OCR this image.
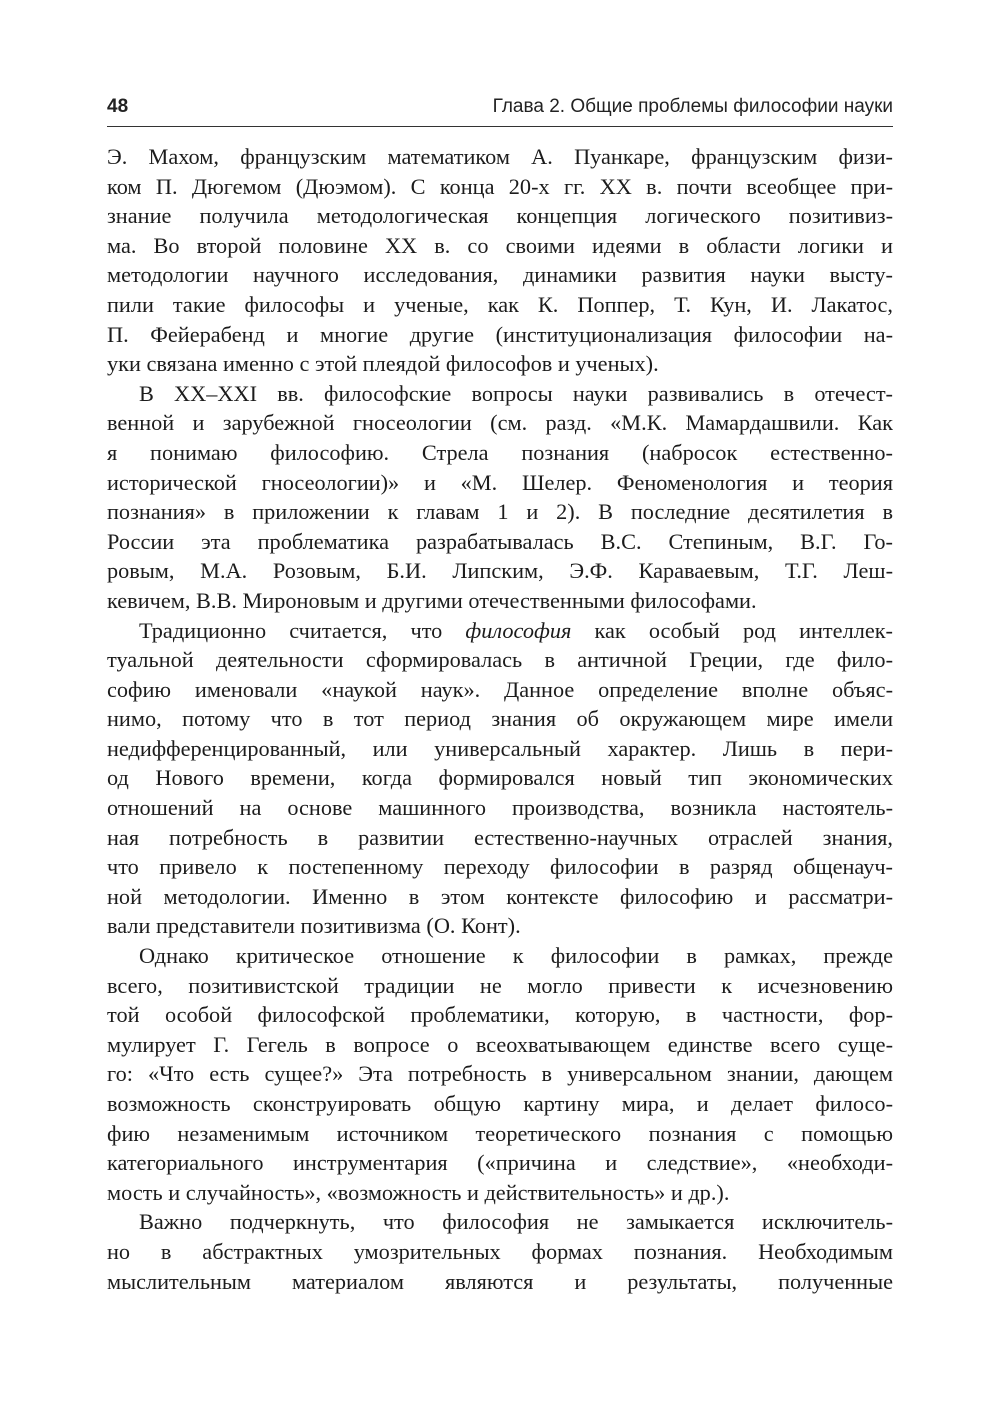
48	Глава 2. Общие проблемы философии науки

Э. Махом, французским математиком А. Пуанкаре, французским физи-
ком П. Дюгемом (Дюэмом). С конца 20-х гг. XX в. почти всеобщее при-
знание получила методологическая концепция логического позитивиз-
ма. Во второй половине XX в. со своими идеями в области логики и
методологии научного исследования, динамики развития науки высту-
пили такие философы и ученые, как К. Поппер, Т. Кун, И. Лакатос,
П. Фейерабенд и многие другие (институционализация философии на-
уки связана именно с этой плеядой философов и ученых).

В XX–XXI вв. философские вопросы науки развивались в отечест-
венной и зарубежной гносеологии (см. разд. «М.К. Мамардашвили. Как
я понимаю философию. Стрела познания (набросок естественно-
исторической гносеологии)» и «М. Шелер. Феноменология и теория
познания» в приложении к главам 1 и 2). В последние десятилетия в
России эта проблематика разрабатывалась В.С. Степиным, В.Г. Го-
ровым, М.А. Розовым, Б.И. Липским, Э.Ф. Караваевым, Т.Г. Леш-
кевичем, В.В. Мироновым и другими отечественными философами.

Традиционно считается, что философия как особый род интеллек-
туальной деятельности сформировалась в античной Греции, где фило-
софию именовали «наукой наук». Данное определение вполне объяс-
нимо, потому что в тот период знания об окружающем мире имели
недифференцированный, или универсальный характер. Лишь в пери-
од Нового времени, когда формировался новый тип экономических
отношений на основе машинного производства, возникла настоятель-
ная потребность в развитии естественно-научных отраслей знания,
что привело к постепенному переходу философии в разряд общенауч-
ной методологии. Именно в этом контексте философию и рассматри-
вали представители позитивизма (О. Конт).

Однако критическое отношение к философии в рамках, прежде
всего, позитивистской традиции не могло привести к исчезновению
той особой философской проблематики, которую, в частности, фор-
мулирует Г. Гегель в вопросе о всеохватывающем единстве всего суще-
го: «Что есть сущее?» Эта потребность в универсальном знании, дающем
возможность сконструировать общую картину мира, и делает филосо-
фию незаменимым источником теоретического познания с помощью
категориального инструментария («причина и следствие», «необходи-
мость и случайность», «возможность и действительность» и др.).

Важно подчеркнуть, что философия не замыкается исключитель-
но в абстрактных умозрительных формах познания. Необходимым
мыслительным материалом являются и результаты, полученные
